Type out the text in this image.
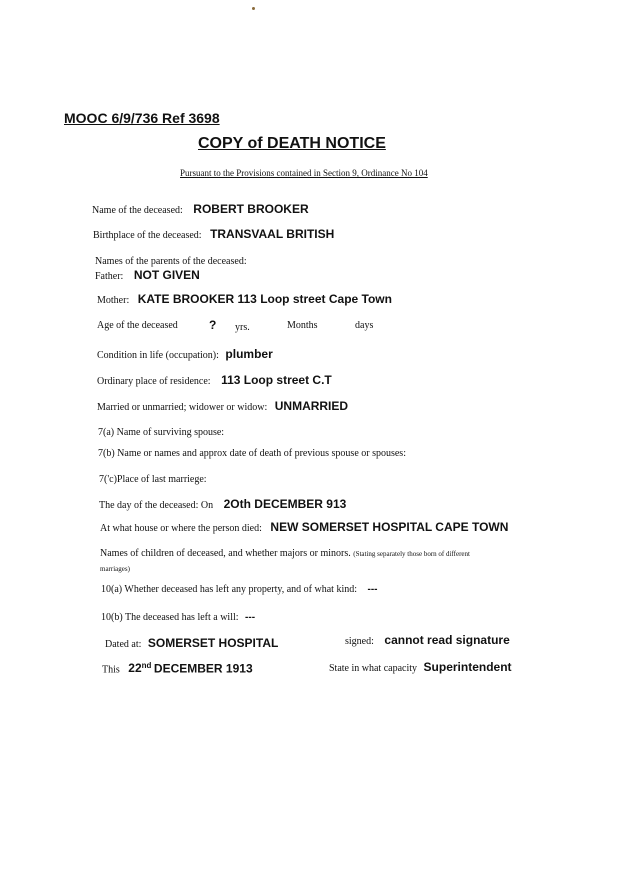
MOOC 6/9/736 Ref 3698
COPY of DEATH NOTICE
Pursuant to the Provisions contained in Section 9, Ordinance No 104
Name of the deceased: ROBERT BROOKER
Birthplace of the deceased: TRANSVAAL BRITISH
Names of the parents of the deceased:
Father: NOT GIVEN
Mother: KATE BROOKER 113 Loop street Cape Town
Age of the deceased	? yrs.	Months	days
Condition in life (occupation): plumber
Ordinary place of residence: 113 Loop street C.T
Married or unmarried; widower or widow: UNMARRIED
7(a) Name of surviving spouse:
7(b) Name or names and approx date of death of previous spouse or spouses:
7('c)Place of last marriege:
The day of the deceased: On 2Oth DECEMBER 913
At what house or where the person died: NEW SOMERSET HOSPITAL CAPE TOWN
Names of children of deceased, and whether majors or minors. (Stating separately those born of different
marriages)
10(a) Whether deceased has left any property, and of what kind: ---
10(b) The deceased has left a will: ---
Dated at: SOMERSET HOSPITAL	signed: cannot read signature
This 22nd DECEMBER 1913	State in what capacity Superintendent
